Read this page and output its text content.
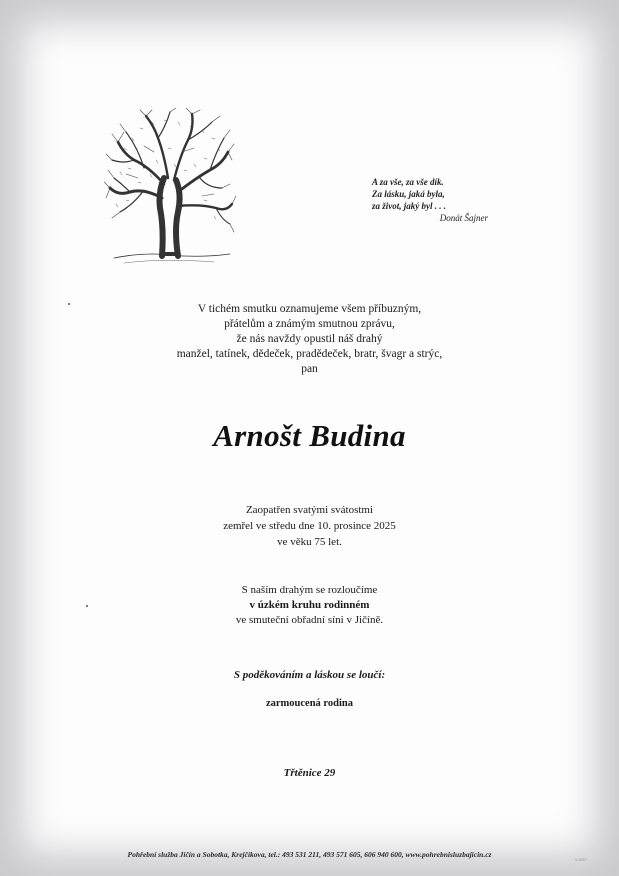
A za vše, za vše dík.
Za lásku, jaká byla,
za život, jaký byl . . .
Donát Šajner
V tichém smutku oznamujeme všem příbuzným,
přátelům a známým smutnou zprávu,
že nás navždy opustil náš drahý
manžel, tatínek, dědeček, pradědeček, bratr, švagr a strýc,
pan
Arnošt Budina
Zaopatřen svatými svátostmi
zemřel ve středu dne 10. prosince 2025
ve věku 75 let.
S naším drahým se rozloučíme
v úzkém kruhu rodinném
ve smuteční obřadní síni v Jičíně.
S poděkováním a láskou se loučí:
zarmoucená rodina
Třtěnice 29
Pohřební služba Jičín a Sobotka, Krejčíkova, tel.: 493 531 211, 493 571 605, 606 940 600, www.pohrebnisluzbajicin.cz
0 6657
